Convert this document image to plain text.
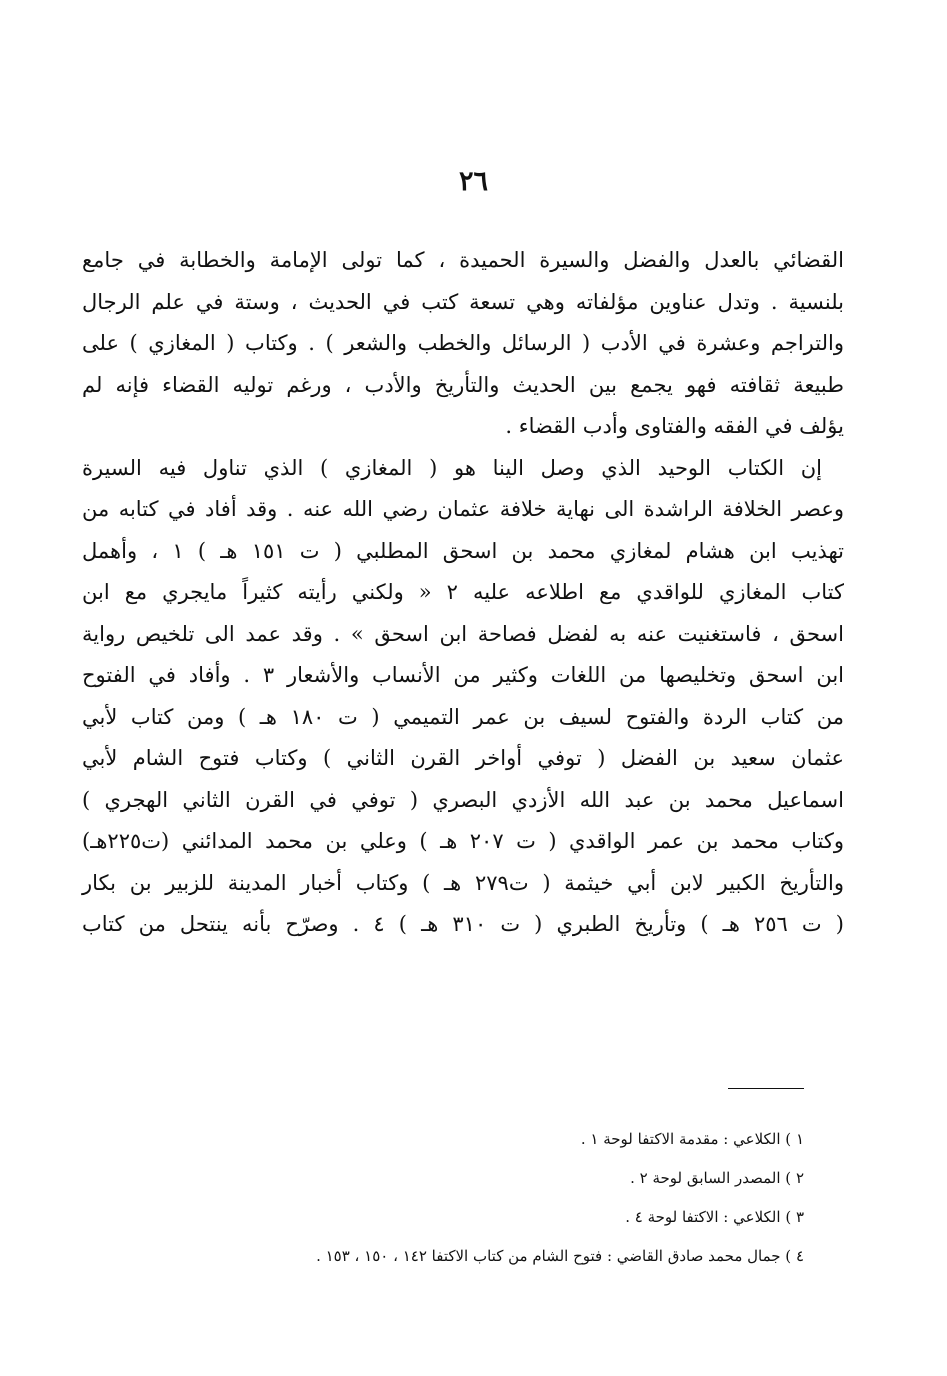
٢٦
القضائي بالعدل والفضل والسيرة الحميدة ، كما تولى الإمامة والخطابة في جامع
بلنسية . وتدل عناوين مؤلفاته وهي تسعة كتب في الحديث ، وستة في علم الرجال
والتراجم وعشرة في الأدب ( الرسائل والخطب والشعر ) . وكتاب ( المغازي ) على
طبيعة ثقافته فهو يجمع بين الحديث والتأريخ والأدب ، ورغم توليه القضاء فإنه لم
يؤلف في الفقه والفتاوى وأدب القضاء .
إن الكتاب الوحيد الذي وصل الينا هو ( المغازي ) الذي تناول فيه السيرة
وعصر الخلافة الراشدة الى نهاية خلافة عثمان رضي الله عنه . وقد أفاد في كتابه من
تهذيب ابن هشام لمغازي محمد بن اسحق المطلبي ( ت ١٥١ هـ ) ١ ، وأهمل
كتاب المغازي للواقدي مع اطلاعه عليه ٢ « ولكني رأيته كثيراً مايجري مع ابن
اسحق ، فاستغنيت عنه به لفضل فصاحة ابن اسحق » . وقد عمد الى تلخيص رواية
ابن اسحق وتخليصها من اللغات وكثير من الأنساب والأشعار ٣ . وأفاد في الفتوح
من كتاب الردة والفتوح لسيف بن عمر التميمي ( ت ١٨٠ هـ ) ومن كتاب لأبي
عثمان سعيد بن الفضل ( توفي أواخر القرن الثاني ) وكتاب فتوح الشام لأبي
اسماعيل محمد بن عبد الله الأزدي البصري ( توفي في القرن الثاني الهجري )
وكتاب محمد بن عمر الواقدي ( ت ٢٠٧ هـ ) وعلي بن محمد المدائني (ت٢٢٥هـ)
والتأريخ الكبير لابن أبي خيثمة ( ت٢٧٩ هـ ) وكتاب أخبار المدينة للزبير بن بكار
( ت ٢٥٦ هـ ) وتأريخ الطبري ( ت ٣١٠ هـ ) ٤ . وصرّح بأنه ينتحل من كتاب
١ ) الكلاعي : مقدمة الاكتفا لوحة ١ .
٢ ) المصدر السابق لوحة ٢ .
٣ ) الكلاعي : الاكتفا لوحة ٤ .
٤ ) جمال محمد صادق القاضي : فتوح الشام من كتاب الاكتفا ١٤٢ ، ١٥٠ ، ١٥٣ .
